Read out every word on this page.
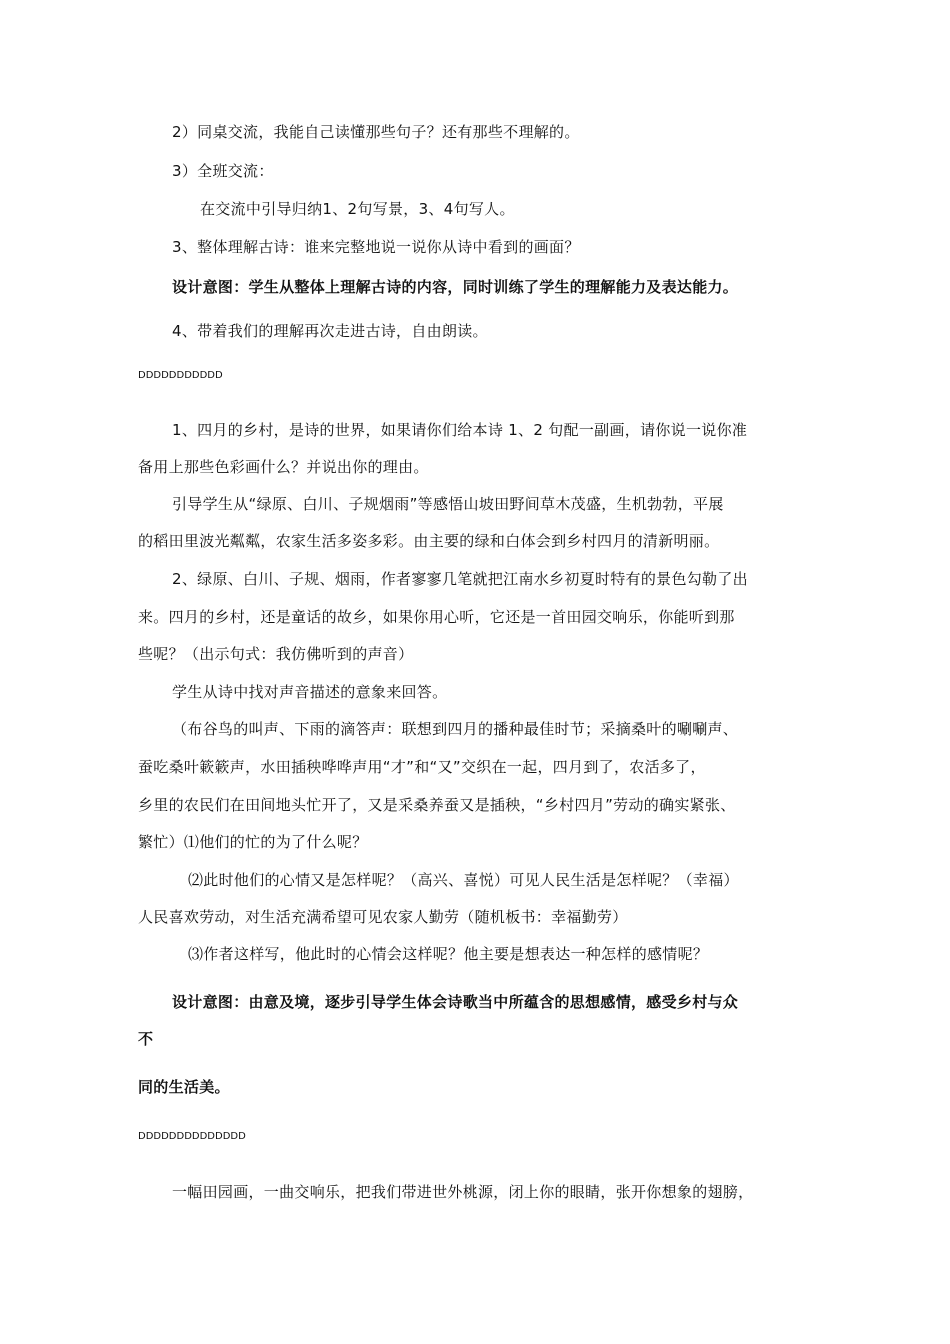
2）同桌交流，我能自己读懂那些句子？还有那些不理解的。

3）全班交流：

在交流中引导归纳1、2句写景，3、4句写人。

3、整体理解古诗：谁来完整地说一说你从诗中看到的画面？

设计意图：学生从整体上理解古诗的内容，同时训练了学生的理解能力及表达能力。

4、带着我们的理解再次走进古诗，自由朗读。

DDDDDDDDDDD

1、四月的乡村，是诗的世界，如果请你们给本诗 1、2 句配一副画，请你说一说你准

备用上那些色彩画什么？并说出你的理由。

引导学生从“绿原、白川、子规烟雨”等感悟山坡田野间草木茂盛，生机勃勃，平展

的稻田里波光粼粼，农家生活多姿多彩。由主要的绿和白体会到乡村四月的清新明丽。

2、绿原、白川、子规、烟雨，作者寥寥几笔就把江南水乡初夏时特有的景色勾勒了出

来。四月的乡村，还是童话的故乡，如果你用心听，它还是一首田园交响乐，你能听到那

些呢？（出示句式：我仿佛听到的声音）

学生从诗中找对声音描述的意象来回答。

（布谷鸟的叫声、下雨的滴答声：联想到四月的播种最佳时节；采摘桑叶的唰唰声、

蚕吃桑叶簌簌声，水田插秧哗哗声用“才”和“又”交织在一起，四月到了，农活多了，

乡里的农民们在田间地头忙开了，又是采桑养蚕又是插秧，“乡村四月”劳动的确实紧张、

繁忙）⑴他们的忙的为了什么呢？

⑵此时他们的心情又是怎样呢？（高兴、喜悦）可见人民生活是怎样呢？（幸福）

人民喜欢劳动，对生活充满希望可见农家人勤劳（随机板书：幸福勤劳）

⑶作者这样写，他此时的心情会这样呢？他主要是想表达一种怎样的感情呢？

设计意图：由意及境，逐步引导学生体会诗歌当中所蕴含的思想感情，感受乡村与众

不

同的生活美。

DDDDDDDDDDDDDD

一幅田园画，一曲交响乐，把我们带进世外桃源，闭上你的眼睛，张开你想象的翅膀，
